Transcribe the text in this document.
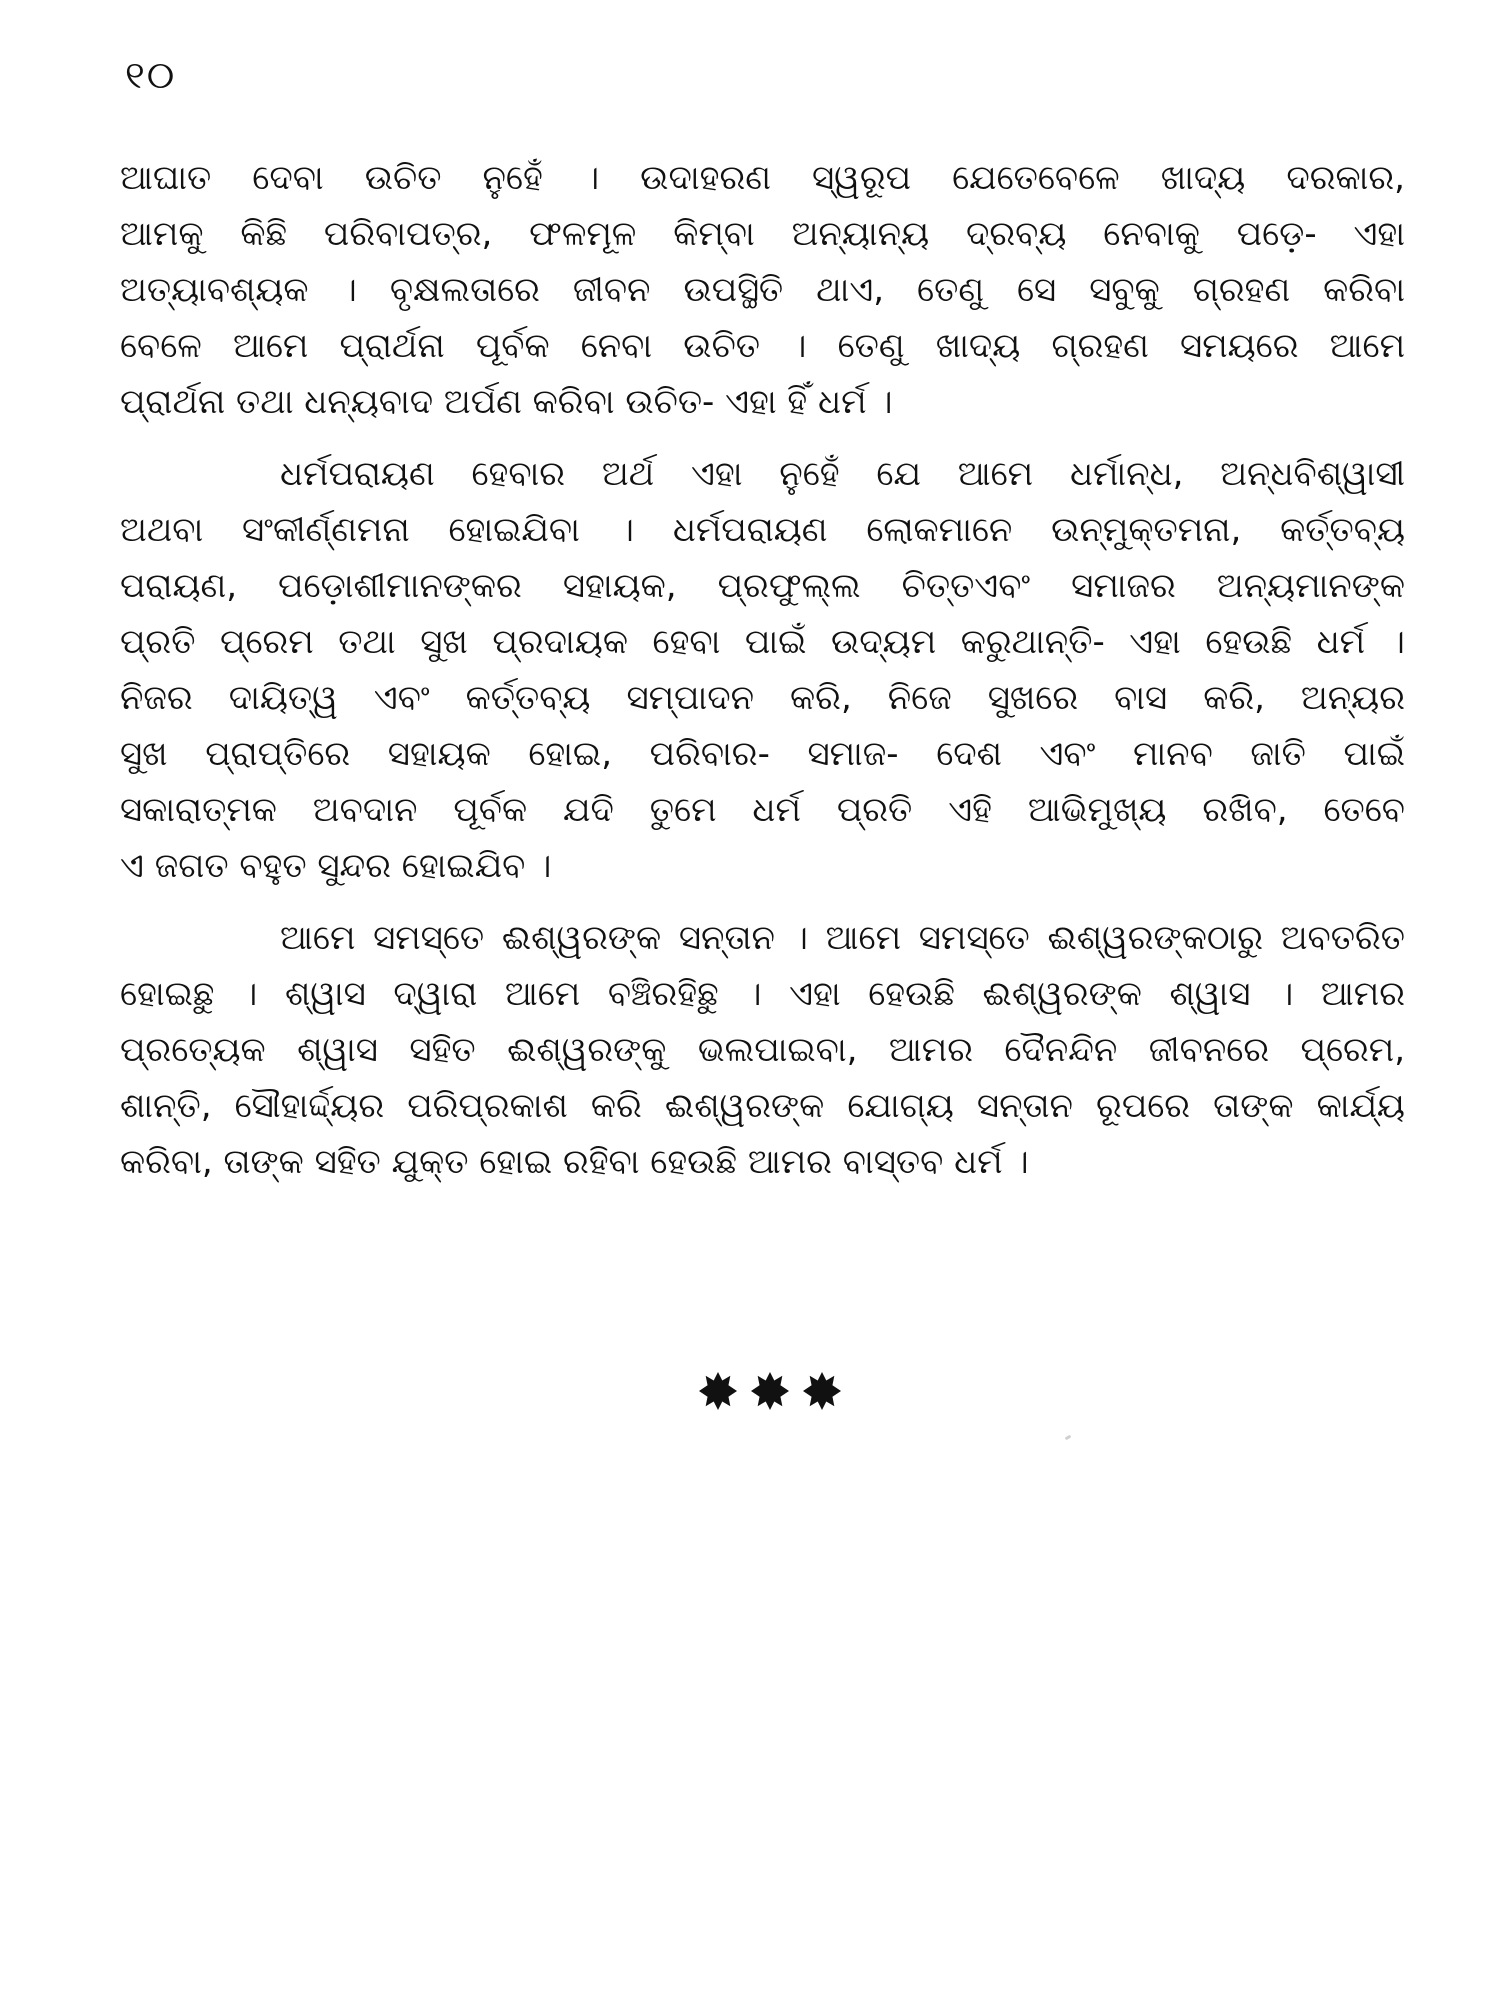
୧୦

ଆଘାତ ଦେବା ଉଚିତ ନୁହେଁ । ଉଦାହରଣ ସ୍ୱରୂପ ଯେତେବେଳେ ଖାଦ୍ୟ ଦରକାର,
ଆମକୁ କିଛି ପରିବାପତ୍ର, ଫଳମୂଳ କିମ୍ବା ଅନ୍ୟାନ୍ୟ ଦ୍ରବ୍ୟ ନେବାକୁ ପଡ଼େ- ଏହା
ଅତ୍ୟାବଶ୍ୟକ । ବୃକ୍ଷଲତାରେ ଜୀବନ ଉପସ୍ଥିତି ଥାଏ, ତେଣୁ ସେ ସବୁକୁ ଗ୍ରହଣ କରିବା
ବେଳେ ଆମେ ପ୍ରାର୍ଥନା ପୂର୍ବକ ନେବା ଉଚିତ । ତେଣୁ ଖାଦ୍ୟ ଗ୍ରହଣ ସମୟରେ ଆମେ
ପ୍ରାର୍ଥନା ତଥା ଧନ୍ୟବାଦ ଅର୍ପଣ କରିବା ଉଚିତ- ଏହା ହିଁ ଧର୍ମ ।

ଧର୍ମପରାୟଣ ହେବାର ଅର୍ଥ ଏହା ନୁହେଁ ଯେ ଆମେ ଧର୍ମାନ୍ଧ, ଅନ୍ଧବିଶ୍ୱାସୀ
ଅଥବା ସଂକୀର୍ଣ୍ଣମନା ହୋଇଯିବା । ଧର୍ମପରାୟଣ ଲୋକମାନେ ଉନ୍ମୁକ୍ତମନା, କର୍ତ୍ତବ୍ୟ
ପରାୟଣ, ପଡ଼ୋଶୀମାନଙ୍କର ସହାୟକ, ପ୍ରଫୁଲ୍ଲ ଚିତ୍ତଏବଂ ସମାଜର ଅନ୍ୟମାନଙ୍କ
ପ୍ରତି ପ୍ରେମ ତଥା ସୁଖ ପ୍ରଦାୟକ ହେବା ପାଇଁ ଉଦ୍ୟମ କରୁଥାନ୍ତି- ଏହା ହେଉଛି ଧର୍ମ ।
ନିଜର ଦାୟିତ୍ୱ ଏବଂ କର୍ତ୍ତବ୍ୟ ସମ୍ପାଦନ କରି, ନିଜେ ସୁଖରେ ବାସ କରି, ଅନ୍ୟର
ସୁଖ ପ୍ରାପ୍ତିରେ ସହାୟକ ହୋଇ, ପରିବାର- ସମାଜ- ଦେଶ ଏବଂ ମାନବ ଜାତି ପାଇଁ
ସକାରାତ୍ମକ ଅବଦାନ ପୂର୍ବକ ଯଦି ତୁମେ ଧର୍ମ ପ୍ରତି ଏହି ଆଭିମୁଖ୍ୟ ରଖିବ, ତେବେ
ଏ ଜଗତ ବହୁତ ସୁନ୍ଦର ହୋଇଯିବ ।

ଆମେ ସମସ୍ତେ ଈଶ୍ୱରଙ୍କ ସନ୍ତାନ । ଆମେ ସମସ୍ତେ ଈଶ୍ୱରଙ୍କଠାରୁ ଅବତରିତ
ହୋଇଛୁ । ଶ୍ୱାସ ଦ୍ୱାରା ଆମେ ବଞ୍ଚିରହିଛୁ । ଏହା ହେଉଛି ଈଶ୍ୱରଙ୍କ ଶ୍ୱାସ । ଆମର
ପ୍ରତ୍ୟେକ ଶ୍ୱାସ ସହିତ ଈଶ୍ୱରଙ୍କୁ ଭଲପାଇବା, ଆମର ଦୈନନ୍ଦିନ ଜୀବନରେ ପ୍ରେମ,
ଶାନ୍ତି, ସୌହାର୍ଦ୍ଦ୍ୟର ପରିପ୍ରକାଶ କରି ଈଶ୍ୱରଙ୍କ ଯୋଗ୍ୟ ସନ୍ତାନ ରୂପରେ ତାଙ୍କ କାର୍ଯ୍ୟ
କରିବା, ତାଙ୍କ ସହିତ ଯୁକ୍ତ ହୋଇ ରହିବା ହେଉଛି ଆମର ବାସ୍ତବ ଧର୍ମ ।
